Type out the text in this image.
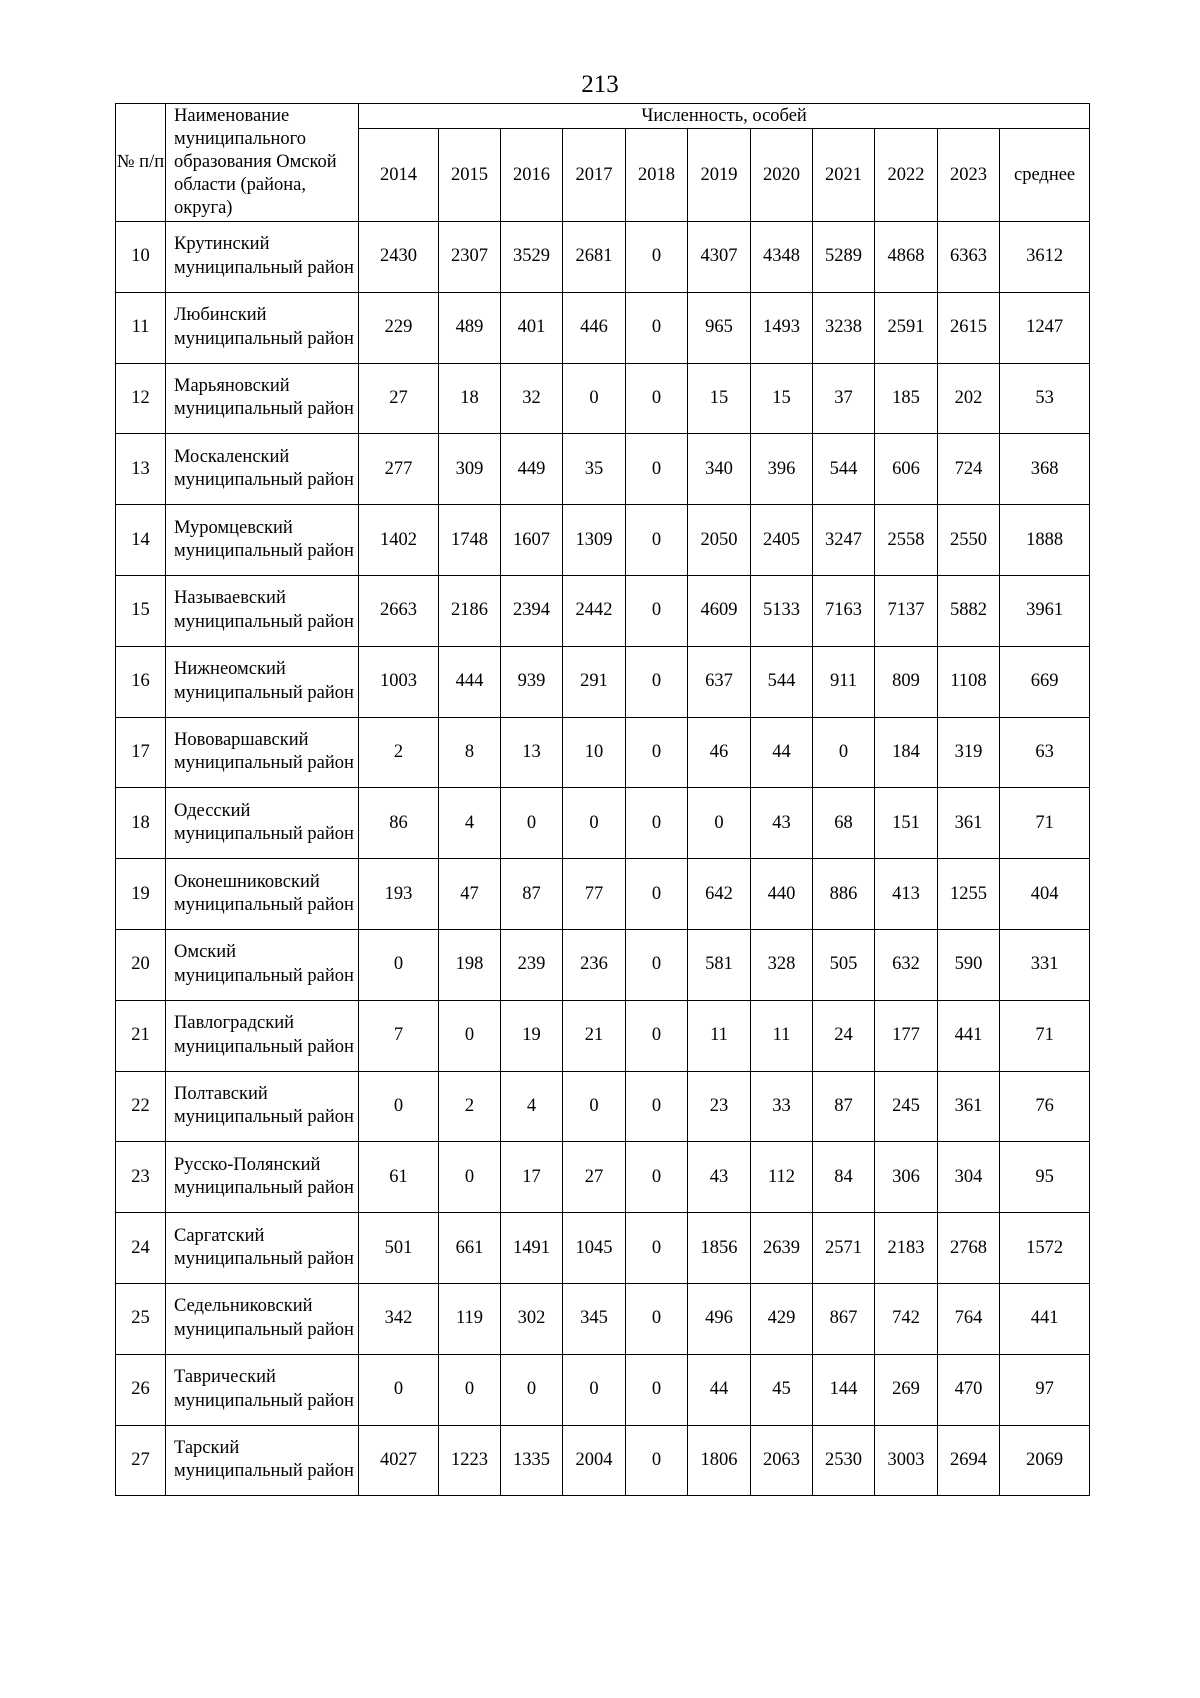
213
№ п/п	Наименование муниципального образования Омской области (района, округа)	Численность, особей										
		2014	2015	2016	2017	2018	2019	2020	2021	2022	2023	среднее
10	Крутинский муниципальный район	2430	2307	3529	2681	0	4307	4348	5289	4868	6363	3612
11	Любинский муниципальный район	229	489	401	446	0	965	1493	3238	2591	2615	1247
12	Марьяновский муниципальный район	27	18	32	0	0	15	15	37	185	202	53
13	Москаленский муниципальный район	277	309	449	35	0	340	396	544	606	724	368
14	Муромцевский муниципальный район	1402	1748	1607	1309	0	2050	2405	3247	2558	2550	1888
15	Называевский муниципальный район	2663	2186	2394	2442	0	4609	5133	7163	7137	5882	3961
16	Нижнеомский муниципальный район	1003	444	939	291	0	637	544	911	809	1108	669
17	Нововаршавский муниципальный район	2	8	13	10	0	46	44	0	184	319	63
18	Одесский муниципальный район	86	4	0	0	0	0	43	68	151	361	71
19	Оконешниковский муниципальный район	193	47	87	77	0	642	440	886	413	1255	404
20	Омский муниципальный район	0	198	239	236	0	581	328	505	632	590	331
21	Павлоградский муниципальный район	7	0	19	21	0	11	11	24	177	441	71
22	Полтавский муниципальный район	0	2	4	0	0	23	33	87	245	361	76
23	Русско-Полянский муниципальный район	61	0	17	27	0	43	112	84	306	304	95
24	Саргатский муниципальный район	501	661	1491	1045	0	1856	2639	2571	2183	2768	1572
25	Седельниковский муниципальный район	342	119	302	345	0	496	429	867	742	764	441
26	Таврический муниципальный район	0	0	0	0	0	44	45	144	269	470	97
27	Тарский муниципальный район	4027	1223	1335	2004	0	1806	2063	2530	3003	2694	2069
